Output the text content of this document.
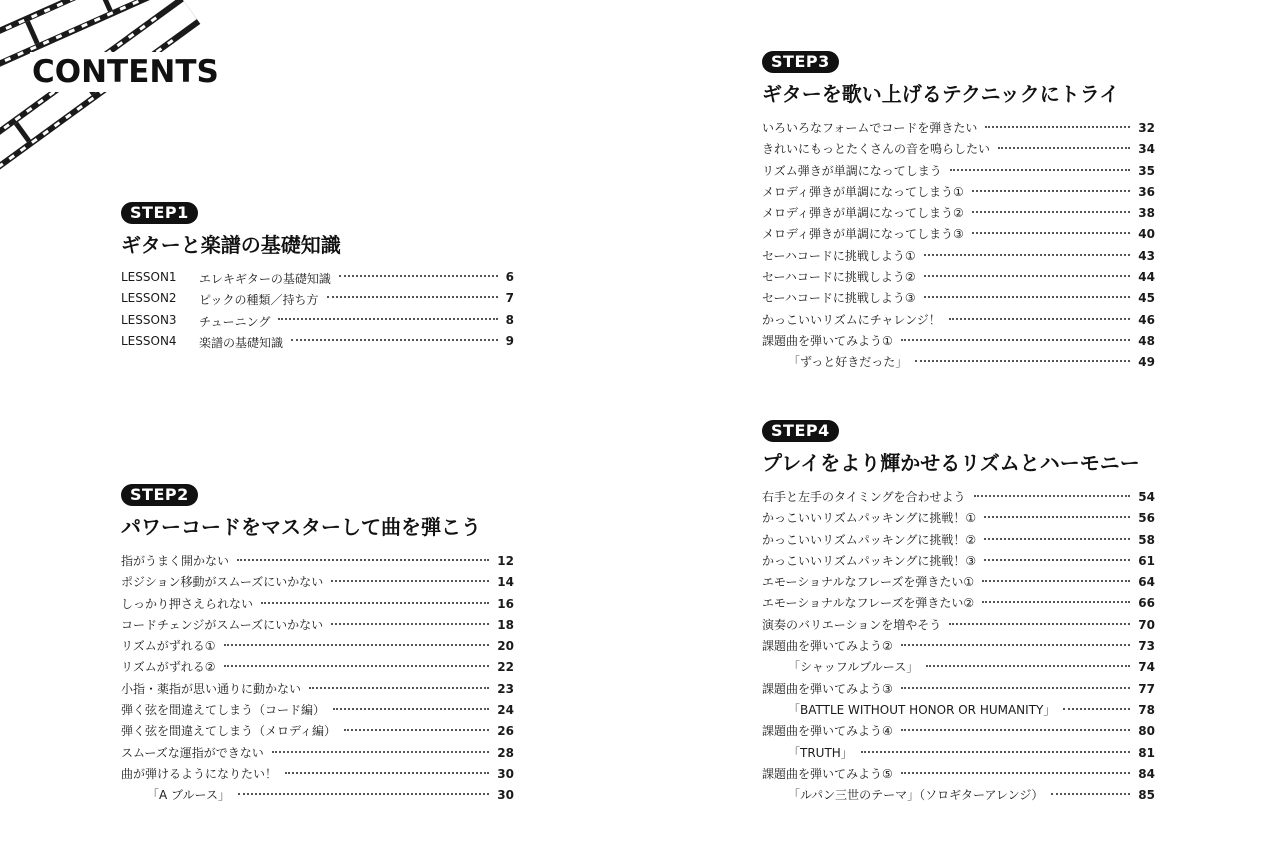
CONTENTS
STEP1
ギターと楽譜の基礎知識
LESSON1	エレキギターの基礎知識	6
LESSON2	ピックの種類／持ち方	7
LESSON3	チューニング	8
LESSON4	楽譜の基礎知識	9
STEP2
パワーコードをマスターして曲を弾こう
指がうまく開かない	12
ポジション移動がスムーズにいかない	14
しっかり押さえられない	16
コードチェンジがスムーズにいかない	18
リズムがずれる①	20
リズムがずれる②	22
小指・薬指が思い通りに動かない	23
弾く弦を間違えてしまう（コード編）	24
弾く弦を間違えてしまう（メロディ編）	26
スムーズな運指ができない	28
曲が弾けるようになりたい！	30
「A ブルース」	30
STEP3
ギターを歌い上げるテクニックにトライ
いろいろなフォームでコードを弾きたい	32
きれいにもっとたくさんの音を鳴らしたい	34
リズム弾きが単調になってしまう	35
メロディ弾きが単調になってしまう①	36
メロディ弾きが単調になってしまう②	38
メロディ弾きが単調になってしまう③	40
セーハコードに挑戦しよう①	43
セーハコードに挑戦しよう②	44
セーハコードに挑戦しよう③	45
かっこいいリズムにチャレンジ！	46
課題曲を弾いてみよう①	48
「ずっと好きだった」	49
STEP4
プレイをより輝かせるリズムとハーモニー
右手と左手のタイミングを合わせよう	54
かっこいいリズムパッキングに挑戦！①	56
かっこいいリズムパッキングに挑戦！②	58
かっこいいリズムパッキングに挑戦！③	61
エモーショナルなフレーズを弾きたい①	64
エモーショナルなフレーズを弾きたい②	66
演奏のバリエーションを増やそう	70
課題曲を弾いてみよう②	73
「シャッフルブルース」	74
課題曲を弾いてみよう③	77
「BATTLE WITHOUT HONOR OR HUMANITY」	78
課題曲を弾いてみよう④	80
「TRUTH」	81
課題曲を弾いてみよう⑤	84
「ルパン三世のテーマ」（ソロギターアレンジ）	85
